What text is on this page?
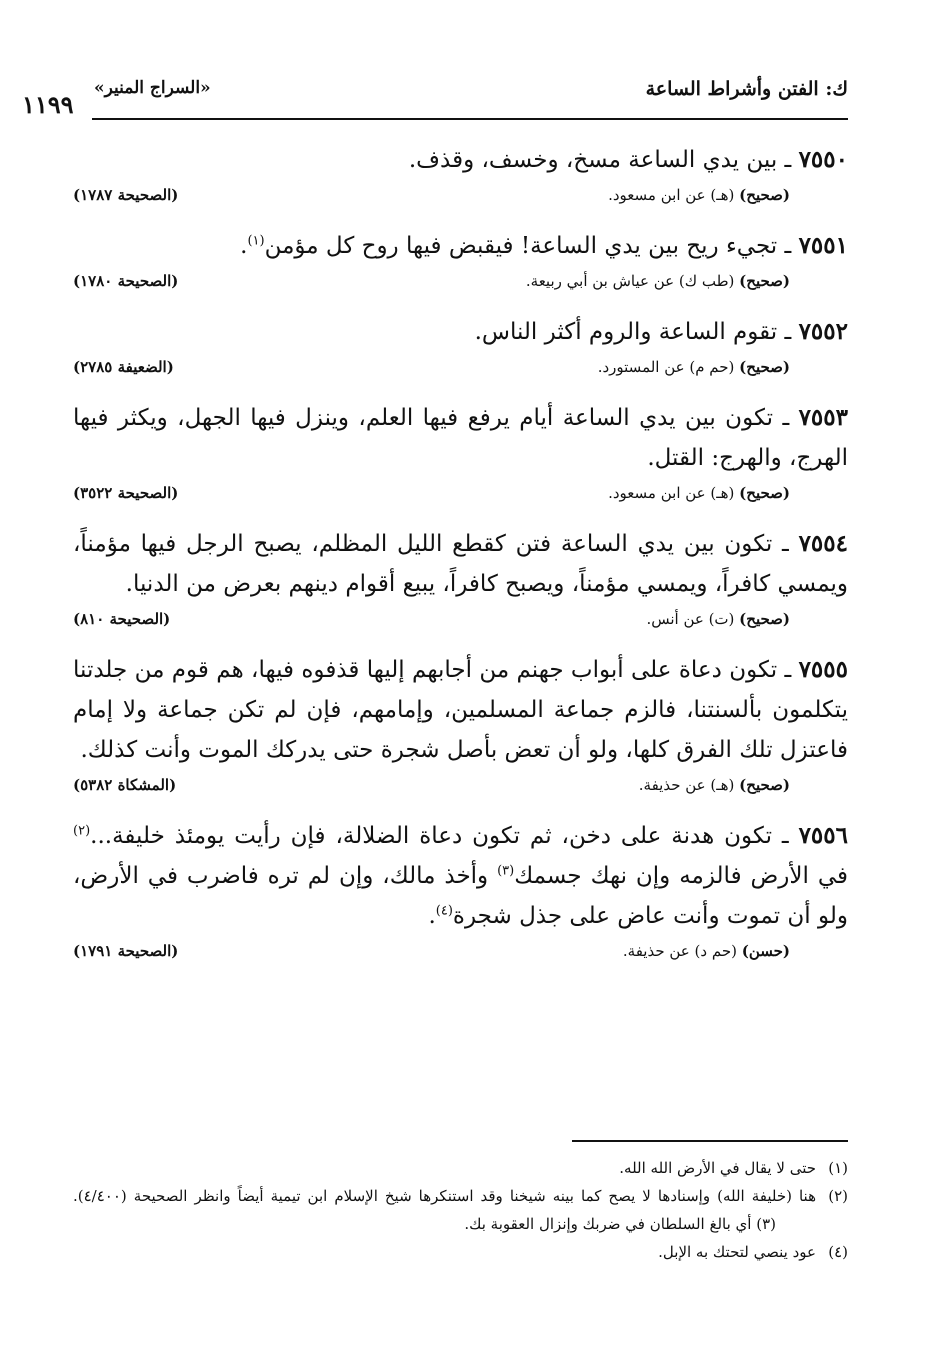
ك: الفتن وأشراط الساعة
«السراج المنير»
١١٩٩
٧٥٥٠ ـ بين يدي الساعة مسخ، وخسف، وقذف.
(صحيح) (هـ) عن ابن مسعود.
(الصحيحة ١٧٨٧)
٧٥٥١ ـ تجيء ريح بين يدي الساعة! فيقبض فيها روح كل مؤمن$^{(١)}$.
(صحيح) (طب ك) عن عياش بن أبي ربيعة.
(الصحيحة ١٧٨٠)
٧٥٥٢ ـ تقوم الساعة والروم أكثر الناس.
(صحيح) (حم م) عن المستورد.
(الضعيفة ٢٧٨٥)
٧٥٥٣ ـ تكون بين يدي الساعة أيام يرفع فيها العلم، وينزل فيها الجهل، ويكثر فيها الهرج، والهرج: القتل.
(صحيح) (هـ) عن ابن مسعود.
(الصحيحة ٣٥٢٢)
٧٥٥٤ ـ تكون بين يدي الساعة فتن كقطع الليل المظلم، يصبح الرجل فيها مؤمناً، ويمسي كافراً، ويمسي مؤمناً، ويصبح كافراً، يبيع أقوام دينهم بعرض من الدنيا.
(صحيح) (ت) عن أنس.
(الصحيحة ٨١٠)
٧٥٥٥ ـ تكون دعاة على أبواب جهنم من أجابهم إليها قذفوه فيها، هم قوم من جلدتنا يتكلمون بألسنتنا، فالزم جماعة المسلمين، وإمامهم، فإن لم تكن جماعة ولا إمام فاعتزل تلك الفرق كلها، ولو أن تعض بأصل شجرة حتى يدركك الموت وأنت كذلك.
(صحيح) (هـ) عن حذيفة.
(المشكاة ٥٣٨٢)
٧٥٥٦ ـ تكون هدنة على دخن، ثم تكون دعاة الضلالة، فإن رأيت يومئذ خليفة...$^{(٢)}$ في الأرض فالزمه وإن نهك جسمك$^{(٣)}$ وأخذ مالك، وإن لم تره فاضرب في الأرض، ولو أن تموت وأنت عاض على جذل شجرة$^{(٤)}$.
(حسن) (حم د) عن حذيفة.
(الصحيحة ١٧٩١)
(١)
حتى لا يقال في الأرض الله الله.
(٢)
هنا (خليفة الله) وإسنادها لا يصح كما بينه شيخنا وقد استنكرها شيخ الإسلام ابن تيمية أيضاً وانظر الصحيحة (٤/٤٠٠).(٣) أي بالغ السلطان في ضربك وإنزال العقوبة بك.
(٤)
عود ينصي لتحتك به الإبل.
